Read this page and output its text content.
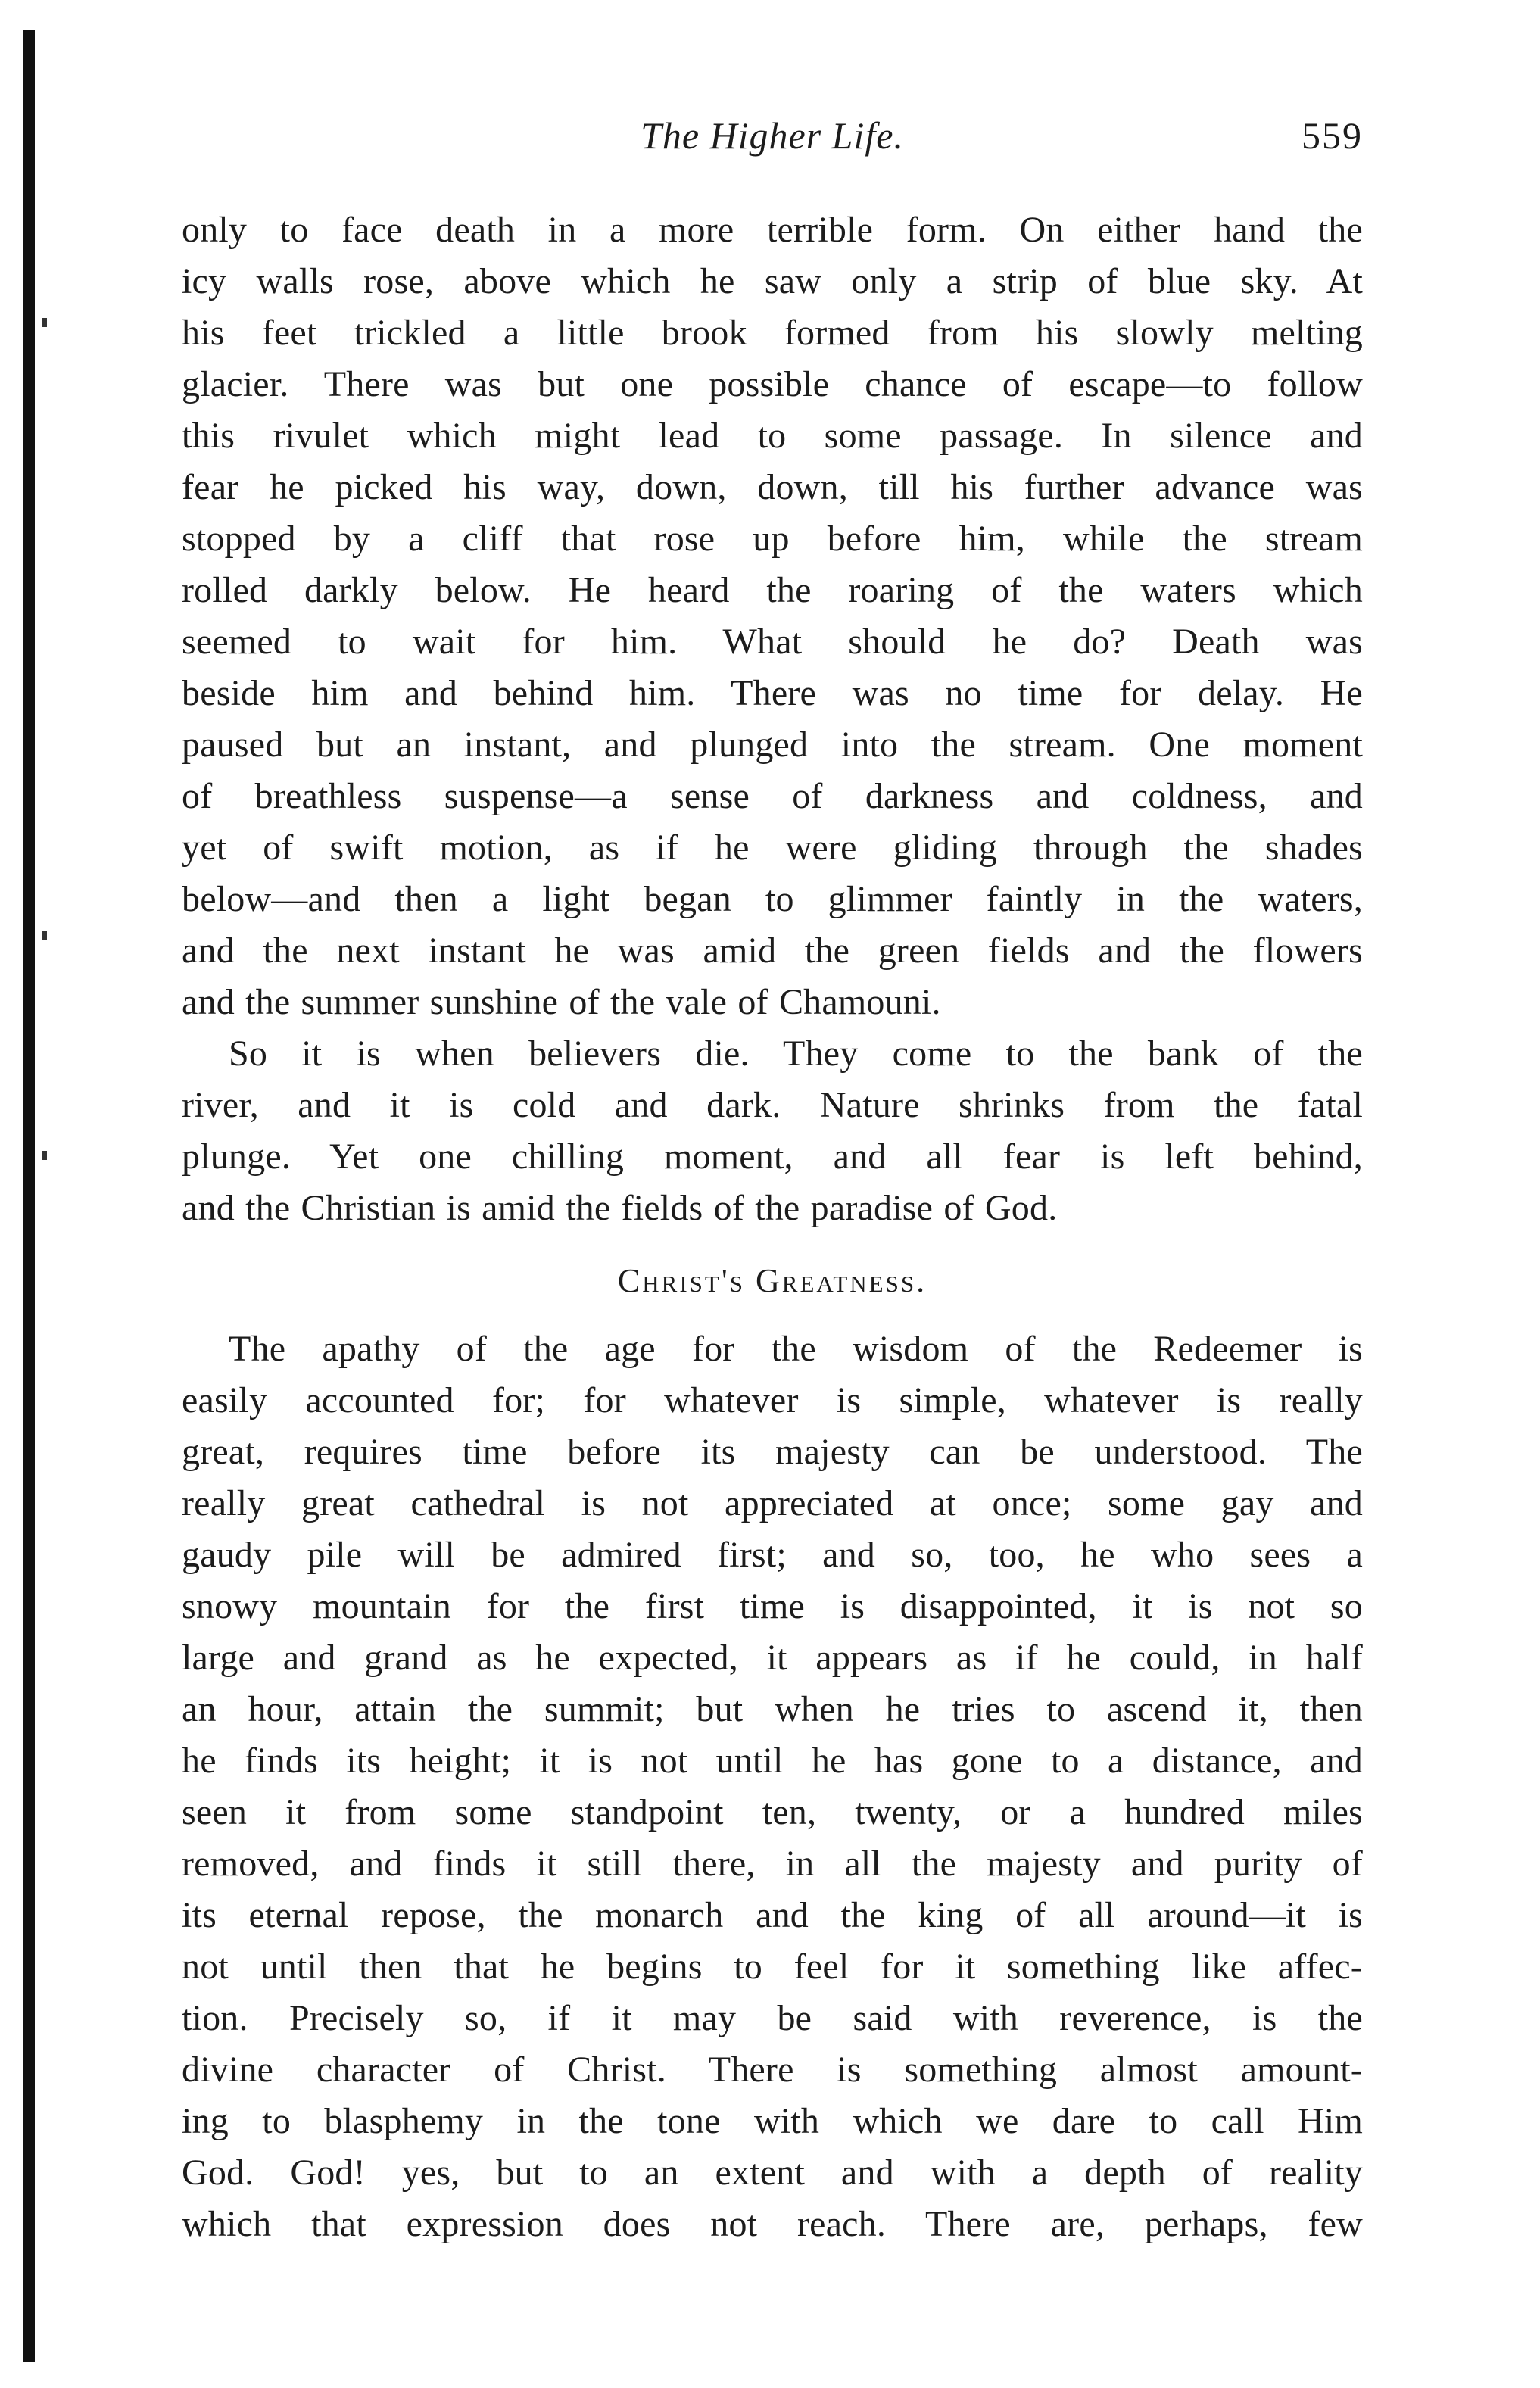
The Higher Life.	559
only to face death in a more terrible form. On either hand the
icy walls rose, above which he saw only a strip of blue sky. At
his feet trickled a little brook formed from his slowly melting
glacier. There was but one possible chance of escape—to follow
this rivulet which might lead to some passage. In silence and
fear he picked his way, down, down, till his further advance was
stopped by a cliff that rose up before him, while the stream
rolled darkly below. He heard the roaring of the waters which
seemed to wait for him. What should he do? Death was
beside him and behind him. There was no time for delay. He
paused but an instant, and plunged into the stream. One moment
of breathless suspense—a sense of darkness and coldness, and
yet of swift motion, as if he were gliding through the shades
below—and then a light began to glimmer faintly in the waters,
and the next instant he was amid the green fields and the flowers
and the summer sunshine of the vale of Chamouni.
So it is when believers die. They come to the bank of the
river, and it is cold and dark. Nature shrinks from the fatal
plunge. Yet one chilling moment, and all fear is left behind,
and the Christian is amid the fields of the paradise of God.
Christ's Greatness.
The apathy of the age for the wisdom of the Redeemer is
easily accounted for; for whatever is simple, whatever is really
great, requires time before its majesty can be understood. The
really great cathedral is not appreciated at once; some gay and
gaudy pile will be admired first; and so, too, he who sees a
snowy mountain for the first time is disappointed, it is not so
large and grand as he expected, it appears as if he could, in half
an hour, attain the summit; but when he tries to ascend it, then
he finds its height; it is not until he has gone to a distance, and
seen it from some standpoint ten, twenty, or a hundred miles
removed, and finds it still there, in all the majesty and purity of
its eternal repose, the monarch and the king of all around—it is
not until then that he begins to feel for it something like affec-
tion. Precisely so, if it may be said with reverence, is the
divine character of Christ. There is something almost amount-
ing to blasphemy in the tone with which we dare to call Him
God. God! yes, but to an extent and with a depth of reality
which that expression does not reach. There are, perhaps, few
